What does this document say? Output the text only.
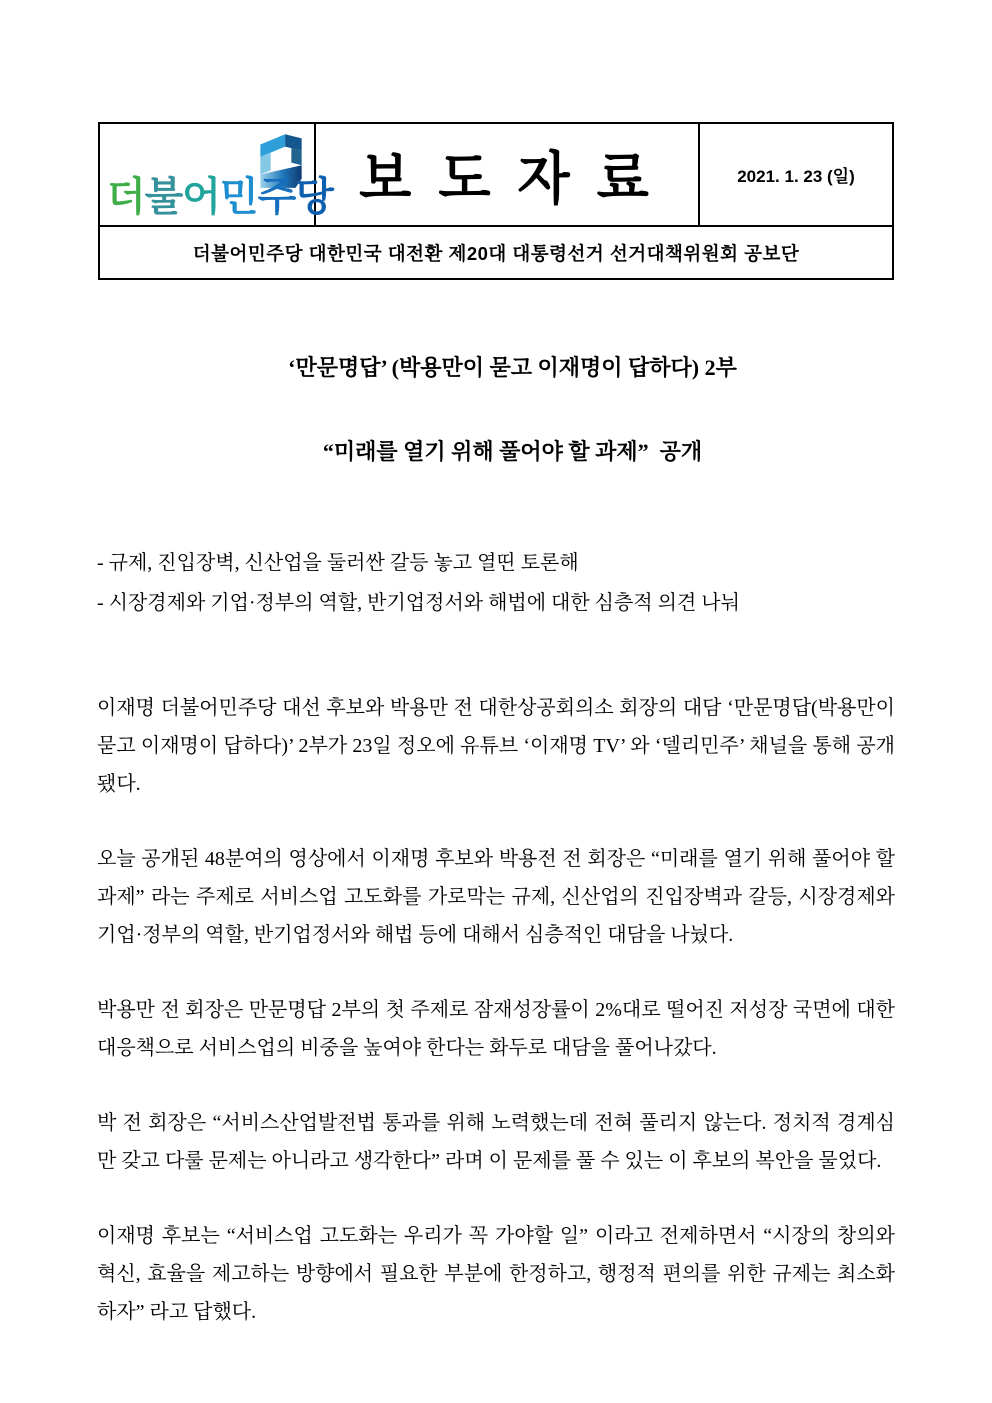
더불어민주당 보 도 자 료	2021. 1. 23 (일)
더불어민주당 대한민국 대전환 제20대 대통령선거 선거대책위원회 공보단

‘만문명답’ (박용만이 묻고 이재명이 답하다) 2부

“미래를 열기 위해 풀어야 할 과제”  공개

- 규제, 진입장벽, 신산업을 둘러싼 갈등 놓고 열띤 토론해
- 시장경제와 기업·정부의 역할, 반기업정서와 해법에 대한 심층적 의견 나눠

이재명 더불어민주당 대선 후보와 박용만 전 대한상공회의소 회장의 대담 ‘만문명답(박용만이 묻고 이재명이 답하다)’ 2부가 23일 정오에 유튜브 ‘이재명 TV’ 와 ‘델리민주’ 채널을 통해 공개됐다.

오늘 공개된 48분여의 영상에서 이재명 후보와 박용전 전 회장은 “미래를 열기 위해 풀어야 할 과제” 라는 주제로 서비스업 고도화를 가로막는 규제, 신산업의 진입장벽과 갈등, 시장경제와 기업·정부의 역할, 반기업정서와 해법 등에 대해서 심층적인 대담을 나눴다.

박용만 전 회장은 만문명답 2부의 첫 주제로 잠재성장률이 2%대로 떨어진 저성장 국면에 대한 대응책으로 서비스업의 비중을 높여야 한다는 화두로 대담을 풀어나갔다.

박 전 회장은 “서비스산업발전법 통과를 위해 노력했는데 전혀 풀리지 않는다. 정치적 경계심만 갖고 다룰 문제는 아니라고 생각한다” 라며 이 문제를 풀 수 있는 이 후보의 복안을 물었다.

이재명 후보는 “서비스업 고도화는 우리가 꼭 가야할 일” 이라고 전제하면서 “시장의 창의와 혁신, 효율을 제고하는 방향에서 필요한 부분에 한정하고, 행정적 편의를 위한 규제는 최소화하자” 라고 답했다.
